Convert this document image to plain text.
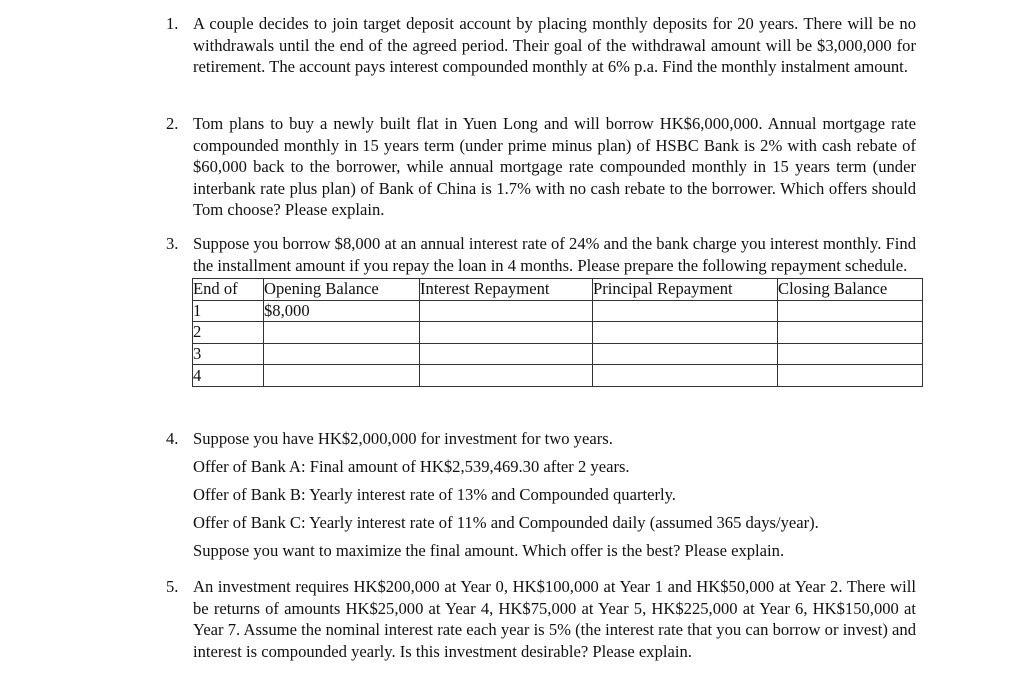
1. A couple decides to join target deposit account by placing monthly deposits for 20 years. There will be no withdrawals until the end of the agreed period. Their goal of the withdrawal amount will be $3,000,000 for retirement. The account pays interest compounded monthly at 6% p.a. Find the monthly instalment amount.

2. Tom plans to buy a newly built flat in Yuen Long and will borrow HK$6,000,000. Annual mortgage rate compounded monthly in 15 years term (under prime minus plan) of HSBC Bank is 2% with cash rebate of $60,000 back to the borrower, while annual mortgage rate compounded monthly in 15 years term (under interbank rate plus plan) of Bank of China is 1.7% with no cash rebate to the borrower. Which offers should Tom choose? Please explain.

3. Suppose you borrow $8,000 at an annual interest rate of 24% and the bank charge you interest monthly. Find the installment amount if you repay the loan in 4 months. Please prepare the following repayment schedule.

End of	Opening Balance	Interest Repayment	Principal Repayment	Closing Balance
1	$8,000			
2				
3				
4				
4. Suppose you have HK$2,000,000 for investment for two years.

Offer of Bank A: Final amount of HK$2,539,469.30 after 2 years.

Offer of Bank B: Yearly interest rate of 13% and Compounded quarterly.

Offer of Bank C: Yearly interest rate of 11% and Compounded daily (assumed 365 days/year).

Suppose you want to maximize the final amount. Which offer is the best? Please explain.

5. An investment requires HK$200,000 at Year 0, HK$100,000 at Year 1 and HK$50,000 at Year 2. There will be returns of amounts HK$25,000 at Year 4, HK$75,000 at Year 5, HK$225,000 at Year 6, HK$150,000 at Year 7. Assume the nominal interest rate each year is 5% (the interest rate that you can borrow or invest) and interest is compounded yearly. Is this investment desirable? Please explain.
